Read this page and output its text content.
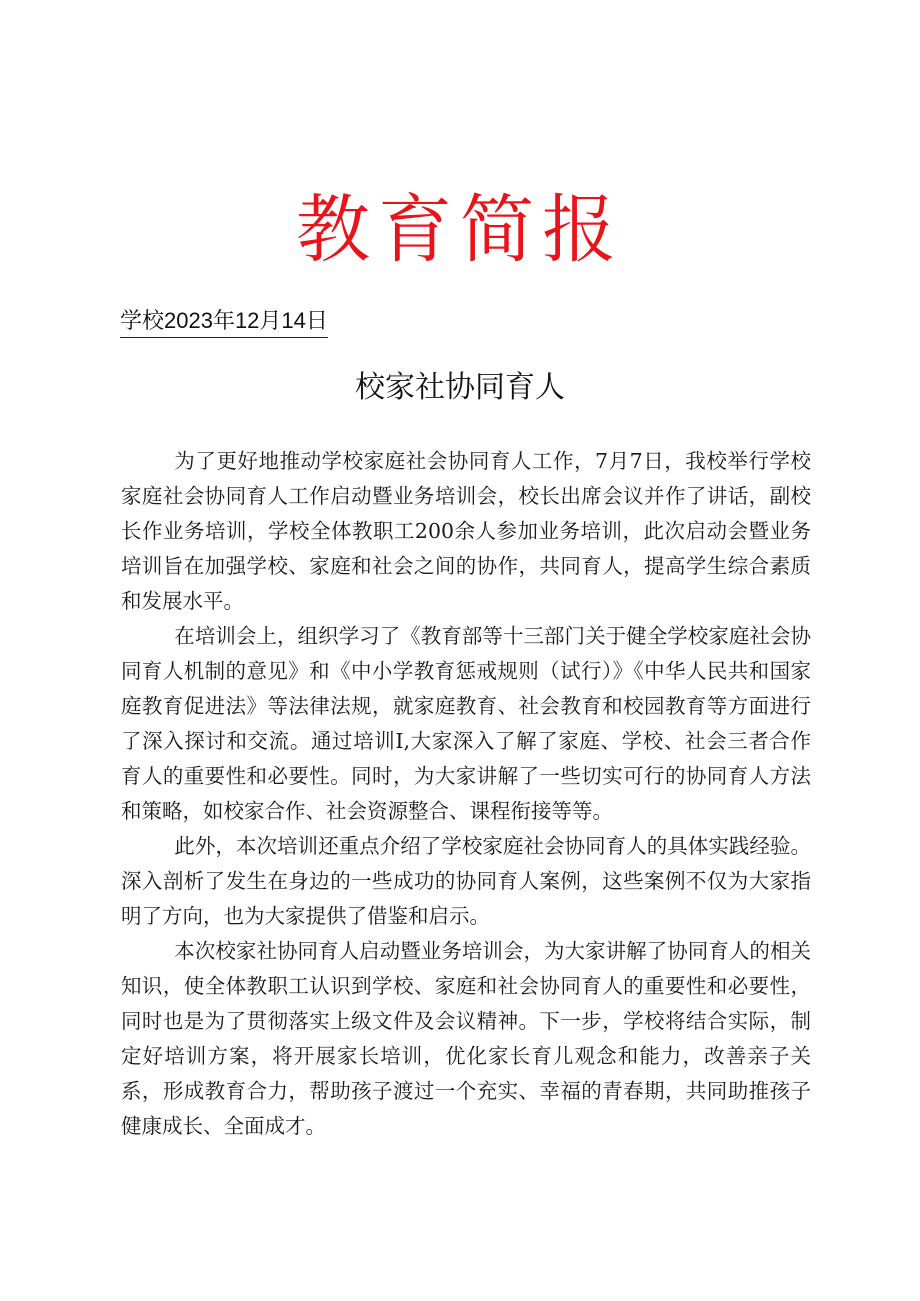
教育简报
学校2023年12月14日
校家社协同育人

为了更好地推动学校家庭社会协同育人工作，7月7日，我校举行学校家庭社会协同育人工作启动暨业务培训会，校长出席会议并作了讲话，副校长作业务培训，学校全体教职工200余人参加业务培训，此次启动会暨业务培训旨在加强学校、家庭和社会之间的协作，共同育人，提高学生综合素质和发展水平。

在培训会上，组织学习了《教育部等十三部门关于健全学校家庭社会协同育人机制的意见》和《中小学教育惩戒规则（试行）》《中华人民共和国家庭教育促进法》等法律法规，就家庭教育、社会教育和校园教育等方面进行了深入探讨和交流。通过培训I,大家深入了解了家庭、学校、社会三者合作育人的重要性和必要性。同时，为大家讲解了一些切实可行的协同育人方法和策略，如校家合作、社会资源整合、课程衔接等等。

此外，本次培训还重点介绍了学校家庭社会协同育人的具体实践经验。深入剖析了发生在身边的一些成功的协同育人案例，这些案例不仅为大家指明了方向，也为大家提供了借鉴和启示。

本次校家社协同育人启动暨业务培训会，为大家讲解了协同育人的相关知识，使全体教职工认识到学校、家庭和社会协同育人的重要性和必要性，同时也是为了贯彻落实上级文件及会议精神。下一步，学校将结合实际，制定好培训方案，将开展家长培训，优化家长育儿观念和能力，改善亲子关系，形成教育合力，帮助孩子渡过一个充实、幸福的青春期，共同助推孩子健康成长、全面成才。
